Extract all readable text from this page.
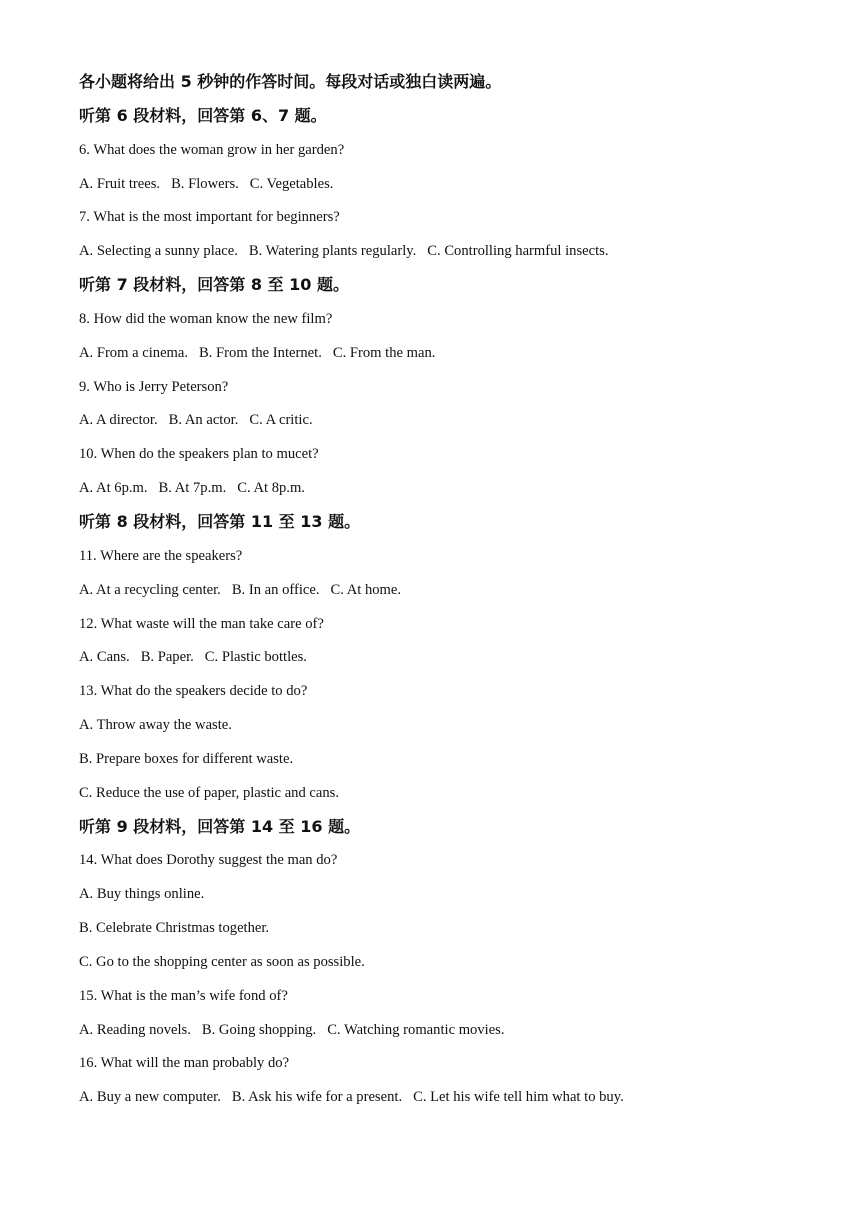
各小题将给出 5 秒钟的作答时间。每段对话或独白读两遍。
听第 6 段材料，回答第 6、7 题。
6. What does the woman grow in her garden?
A. Fruit trees. B. Flowers. C. Vegetables.
7. What is the most important for beginners?
A. Selecting a sunny place. B. Watering plants regularly. C. Controlling harmful insects.
听第 7 段材料，回答第 8 至 10 题。
8. How did the woman know the new film?
A. From a cinema. B. From the Internet. C. From the man.
9. Who is Jerry Peterson?
A. A director. B. An actor. C. A critic.
10. When do the speakers plan to mucet?
A. At 6p.m. B. At 7p.m. C. At 8p.m.
听第 8 段材料，回答第 11 至 13 题。
11. Where are the speakers?
A. At a recycling center. B. In an office. C. At home.
12. What waste will the man take care of?
A. Cans. B. Paper. C. Plastic bottles.
13. What do the speakers decide to do?
A. Throw away the waste.
B. Prepare boxes for different waste.
C. Reduce the use of paper, plastic and cans.
听第 9 段材料，回答第 14 至 16 题。
14. What does Dorothy suggest the man do?
A. Buy things online.
B. Celebrate Christmas together.
C. Go to the shopping center as soon as possible.
15. What is the man’s wife fond of?
A. Reading novels. B. Going shopping. C. Watching romantic movies.
16. What will the man probably do?
A. Buy a new computer. B. Ask his wife for a present. C. Let his wife tell him what to buy.
